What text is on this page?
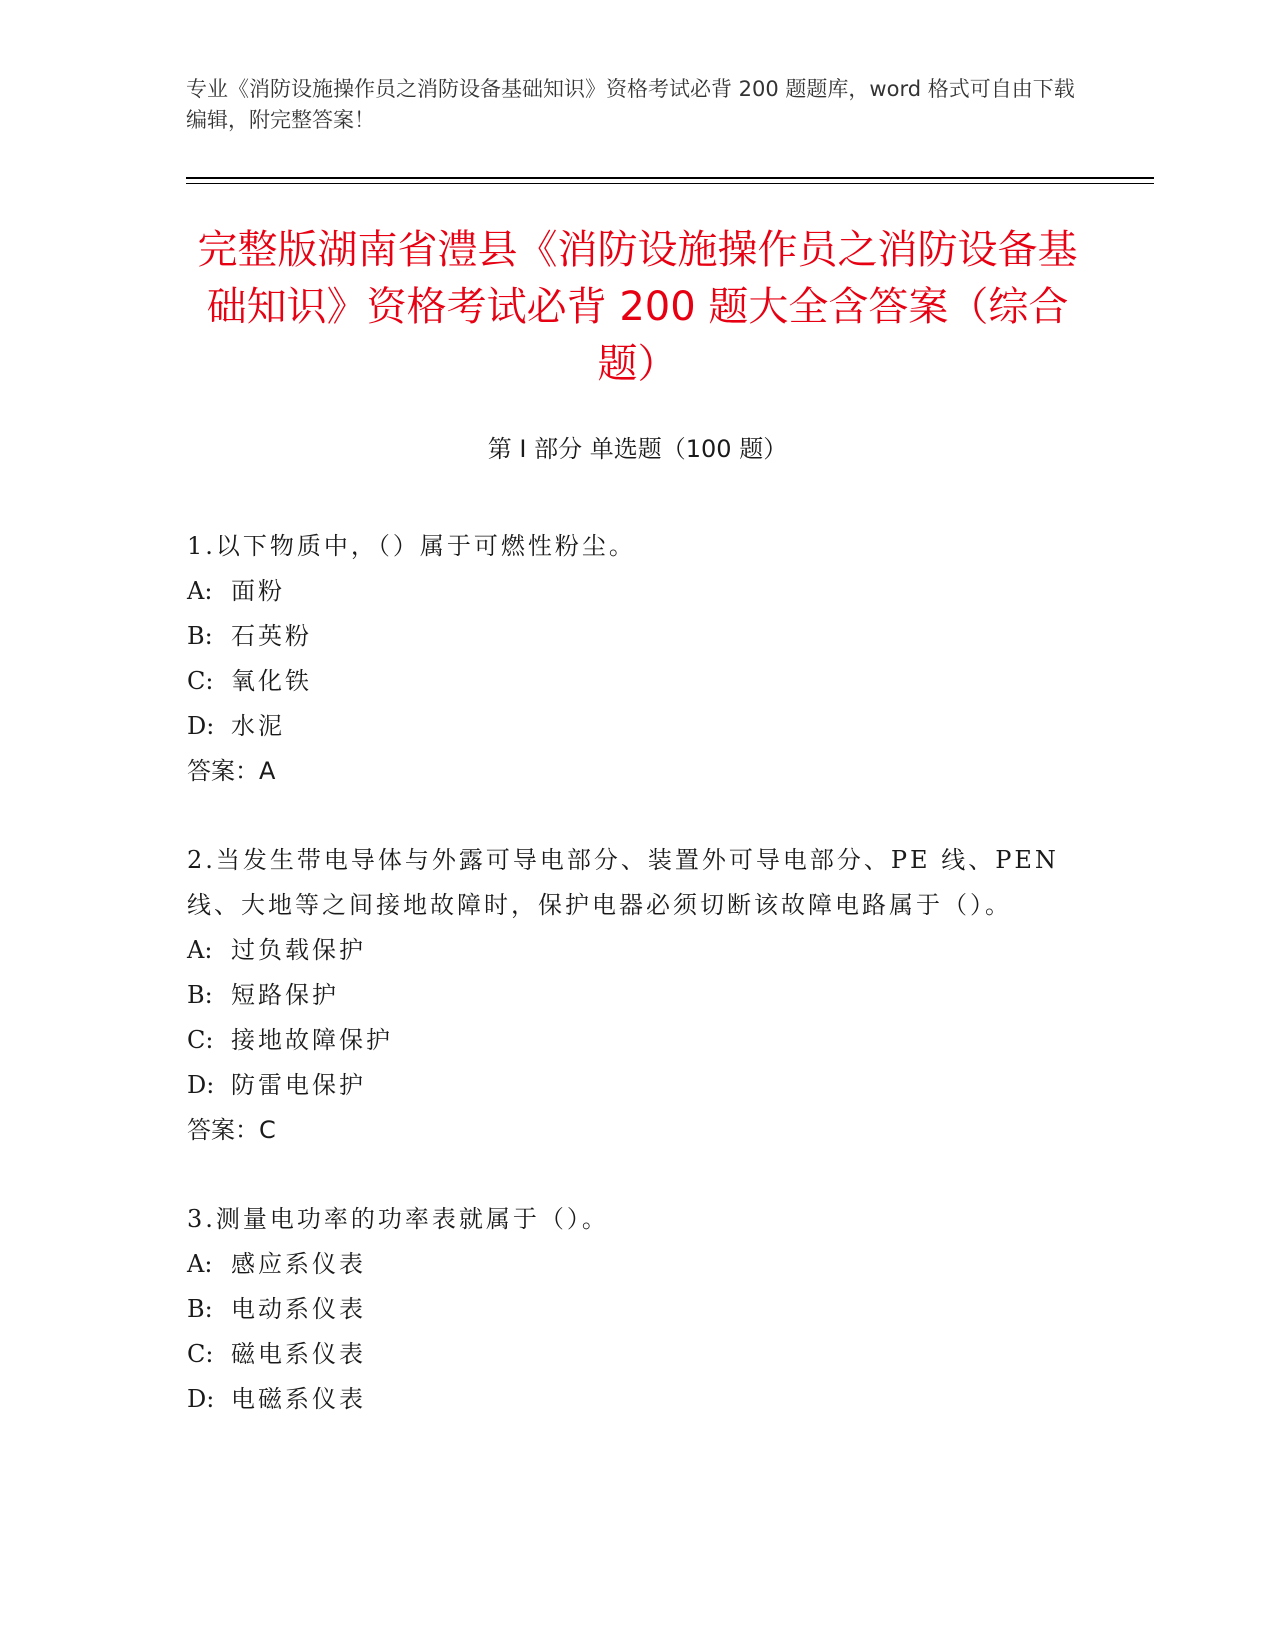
专业《消防设施操作员之消防设备基础知识》资格考试必背 200 题题库，word 格式可自由下载编辑，附完整答案！
完整版湖南省澧县《消防设施操作员之消防设备基础知识》资格考试必背 200 题大全含答案（综合题）
第 I 部分 单选题（100 题）
1.以下物质中，（）属于可燃性粉尘。
A: 面粉
B: 石英粉
C: 氧化铁
D: 水泥
答案：A
2.当发生带电导体与外露可导电部分、装置外可导电部分、PE 线、PEN 线、大地等之间接地故障时，保护电器必须切断该故障电路属于（）。
A: 过负载保护
B: 短路保护
C: 接地故障保护
D: 防雷电保护
答案：C
3.测量电功率的功率表就属于（）。
A: 感应系仪表
B: 电动系仪表
C: 磁电系仪表
D: 电磁系仪表
